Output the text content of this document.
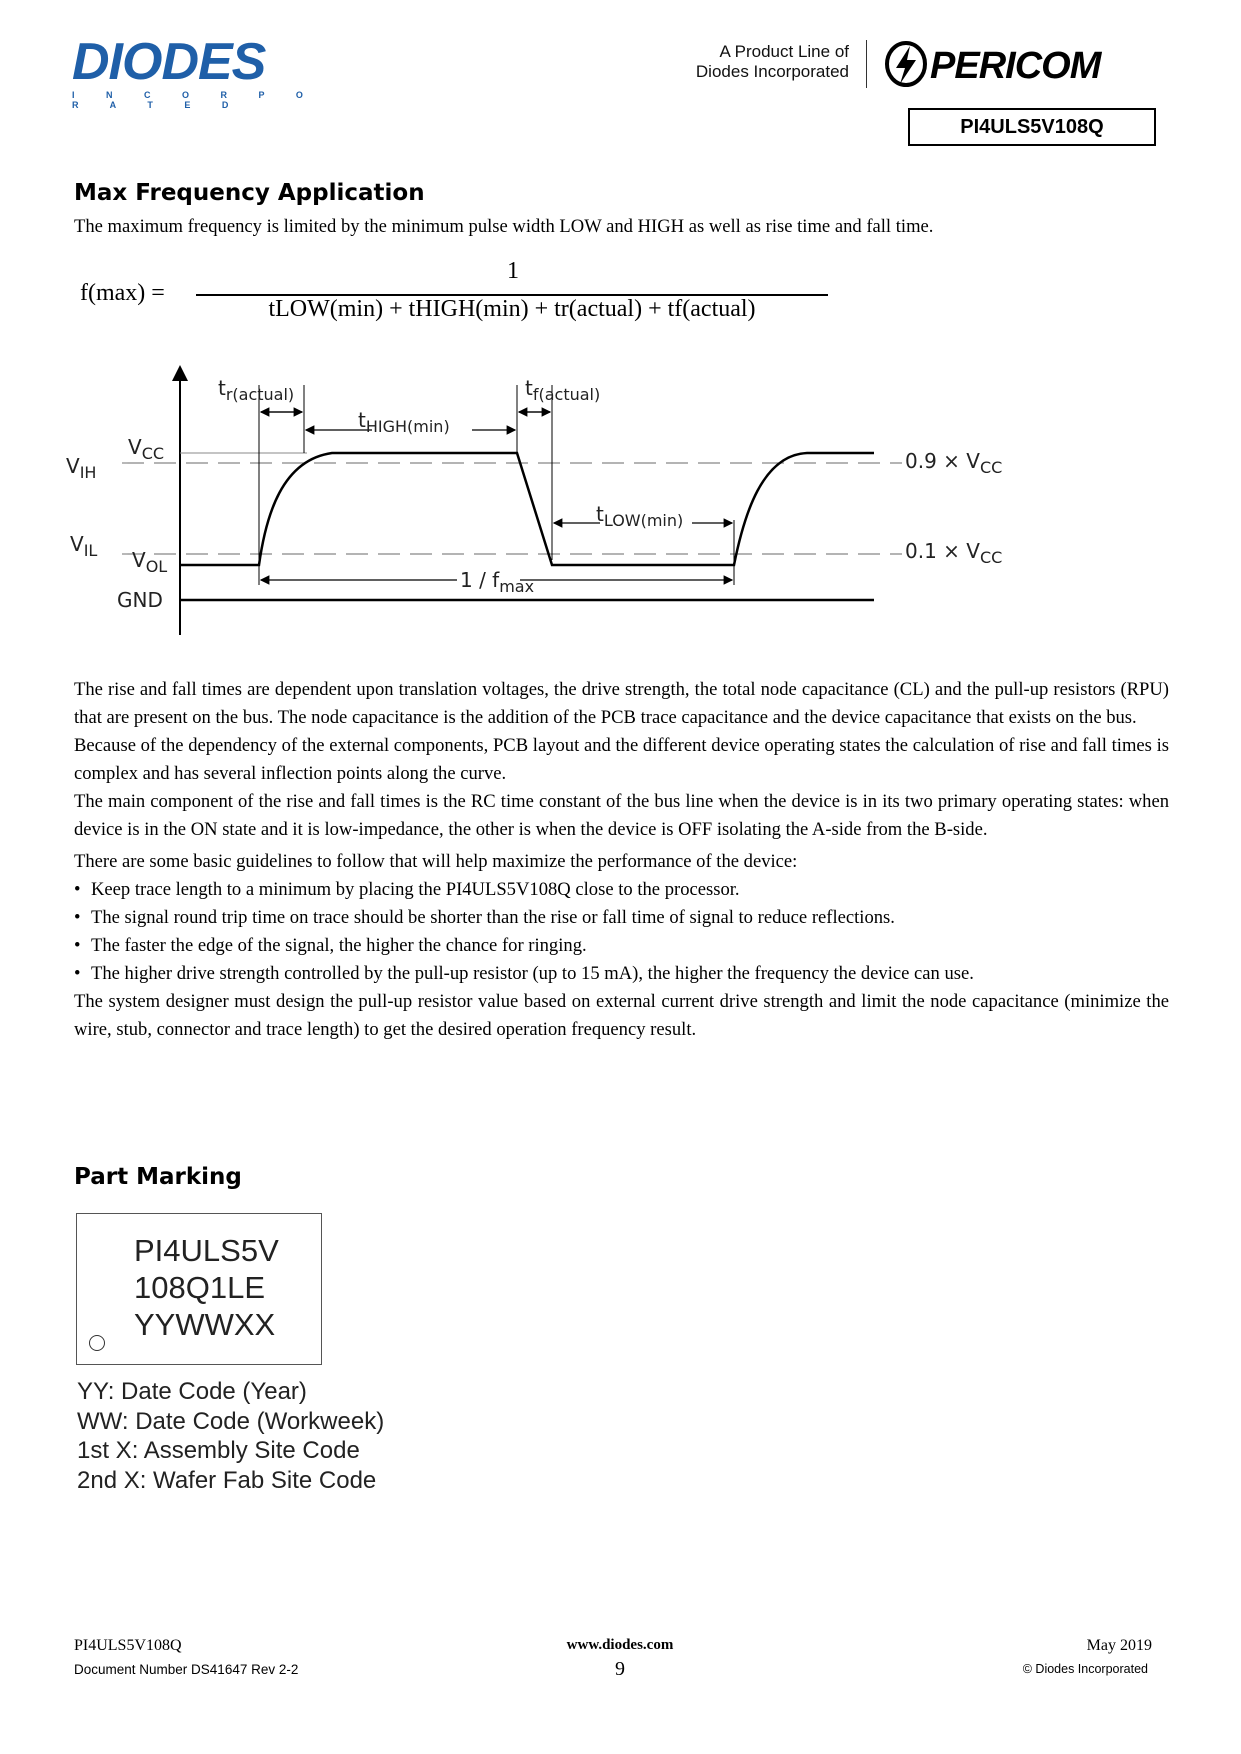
DIODES
I N C O R P O R A T E D
A Product Line of
Diodes Incorporated PERICOM
PI4ULS5V108Q
Max Frequency Application
The maximum frequency is limited by the minimum pulse width LOW and HIGH as well as rise time and fall time.
f(max) =
1
tLOW(min) + tHIGH(min) + tr(actual) + tf(actual)
$t_{r(actual)}$	$t_{f(actual)}$
$t_{HIGH(min)}$
$t_{LOW(min)}$
$V_{IH}$
$V_{CC}$
$V_{IL}$ $V_{OL}$
GND
$1 / f_{max}$
$0.9 \times V_{CC}$
$0.1 \times V_{CC}$
The rise and fall times are dependent upon translation voltages, the drive strength, the total node capacitance (CL) and the pull-up resistors (RPU) that are present on the bus. The node capacitance is the addition of the PCB trace capacitance and the device capacitance that exists on the bus.
Because of the dependency of the external components, PCB layout and the different device operating states the calculation of rise and fall times is complex and has several inflection points along the curve.
The main component of the rise and fall times is the RC time constant of the bus line when the device is in its two primary operating states: when device is in the ON state and it is low-impedance, the other is when the device is OFF isolating the A-side from the B-side.
There are some basic guidelines to follow that will help maximize the performance of the device:
• Keep trace length to a minimum by placing the PI4ULS5V108Q close to the processor.
• The signal round trip time on trace should be shorter than the rise or fall time of signal to reduce reflections.
• The faster the edge of the signal, the higher the chance for ringing.
• The higher drive strength controlled by the pull-up resistor (up to 15 mA), the higher the frequency the device can use.
The system designer must design the pull-up resistor value based on external current drive strength and limit the node capacitance (minimize the wire, stub, connector and trace length) to get the desired operation frequency result.
Part Marking
PI4ULS5V
108Q1LE
YYWWXX
YY: Date Code (Year)
WW: Date Code (Workweek)
1st X: Assembly Site Code
2nd X: Wafer Fab Site Code
PI4ULS5V108Q
Document Number DS41647 Rev 2-2
www.diodes.com
9
May 2019
© Diodes Incorporated
